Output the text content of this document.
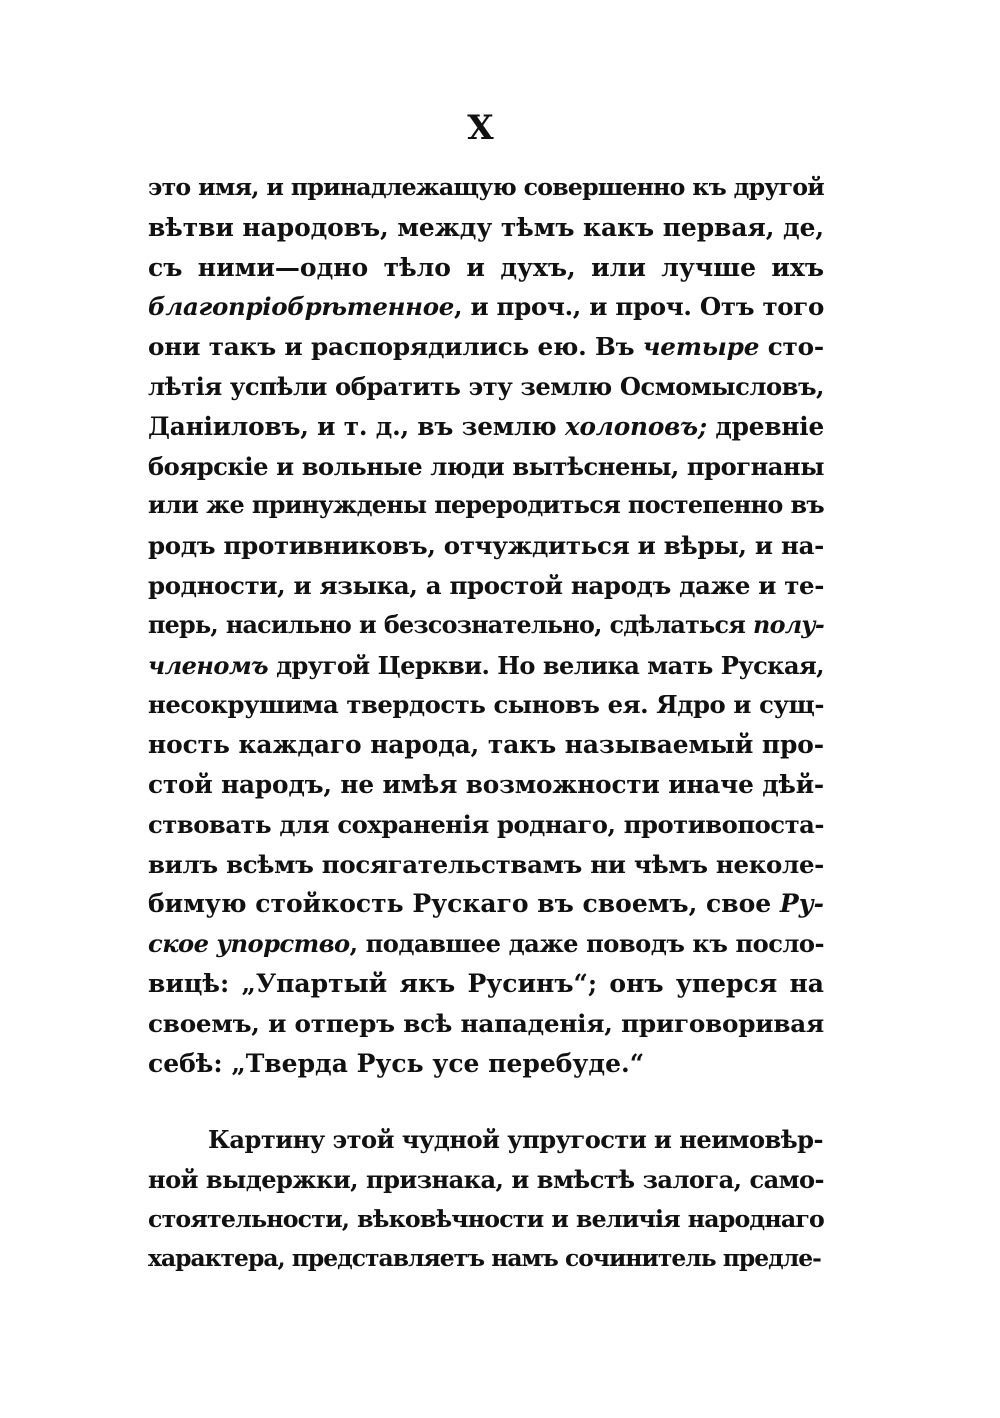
X
это имя, и принадлежащую совершенно къ другой
вѣтви народовъ, между тѣмъ какъ первая, де,
съ ними—одно тѣло и духъ, или лучше ихъ
благопріобрѣтенное, и проч., и проч. Отъ того
они такъ и распорядились ею. Въ четыре сто-
лѣтія успѣли обратить эту землю Осмомысловъ,
Даніиловъ, и т. д., въ землю холоповъ; древніе
боярскіе и вольные люди вытѣснены, прогнаны
или же принуждены переродиться постепенно въ
родъ противниковъ, отчуждиться и вѣры, и на-
родности, и языка, а простой народъ даже и те-
перь, насильно и безсознательно, сдѣлаться полу-
членомъ другой Церкви. Но велика мать Руская,
несокрушима твердость сыновъ ея. Ядро и сущ-
ность каждаго народа, такъ называемый про-
стой народъ, не имѣя возможности иначе дѣй-
ствовать для сохраненія роднаго, противопоста-
вилъ всѣмъ посягательствамъ ни чѣмъ неколе-
бимую стойкость Рускаго въ своемъ, свое Ру-
ское упорство, подавшее даже поводъ къ посло-
вицѣ: „Упартый якъ Русинъ“; онъ уперся на
своемъ, и отперъ всѣ нападенія, приговоривая
себѣ: „Тверда Русь усе перебуде.“
Картину этой чудной упругости и неимовѣр-
ной выдержки, признака, и вмѣстѣ залога, само-
стоятельности, вѣковѣчности и величія народнаго
характера, представляетъ намъ сочинитель предле-
